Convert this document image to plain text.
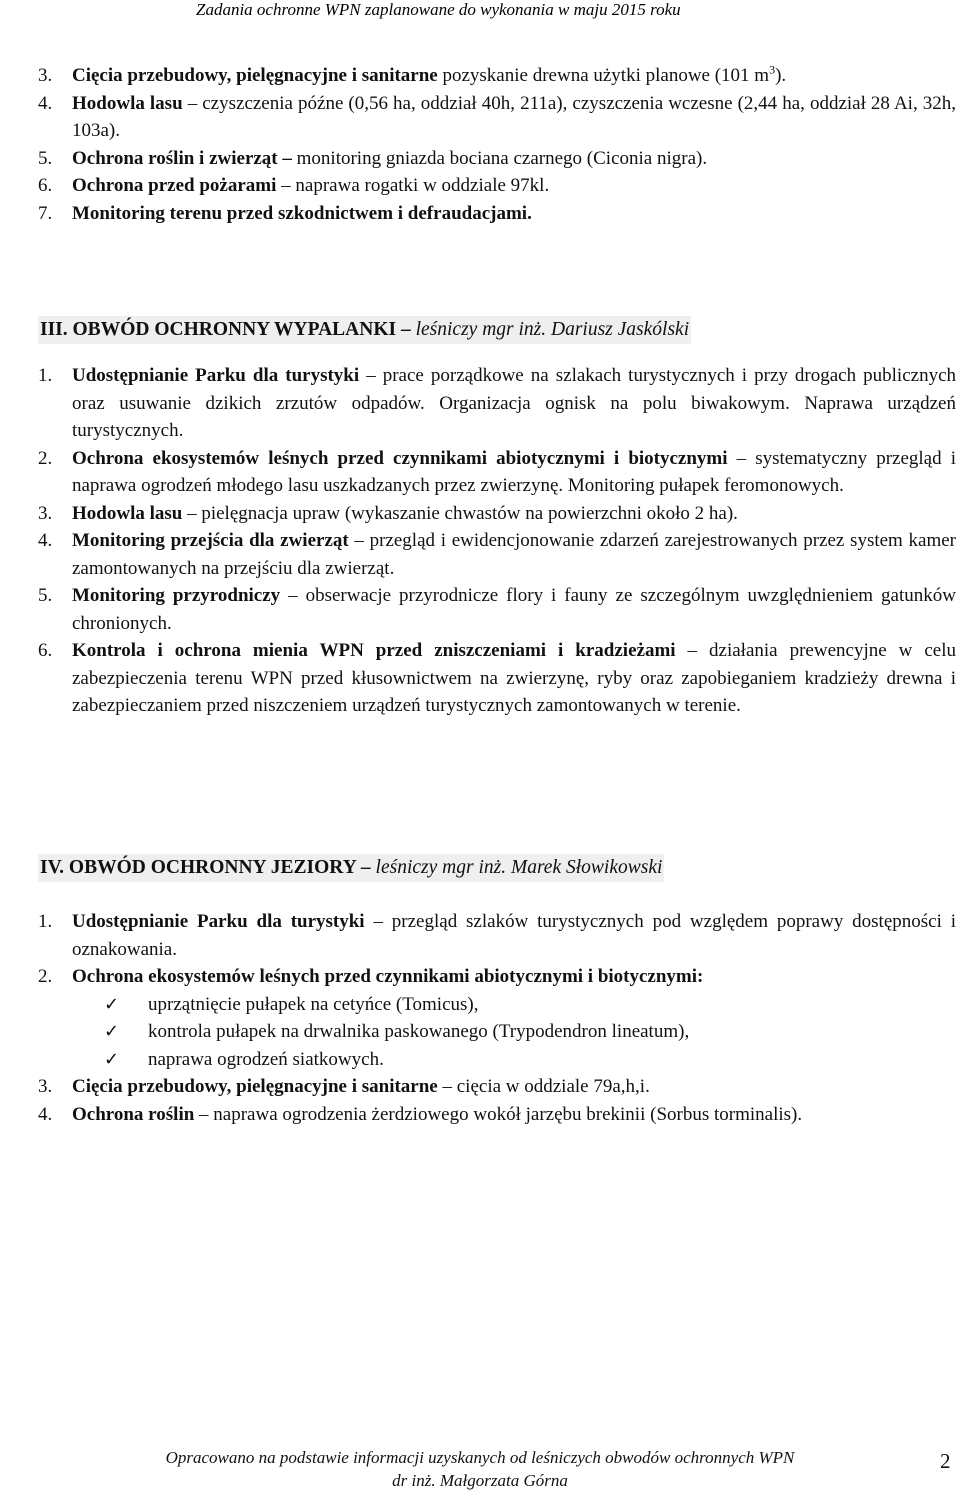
Zadania ochronne WPN zaplanowane do wykonania w maju 2015 roku
3.	Cięcia przebudowy, pielęgnacyjne i sanitarne pozyskanie drewna użytki planowe (101 $m^3$).
4.	Hodowla lasu – czyszczenia późne (0,56 ha, oddział 40h, 211a), czyszczenia wczesne (2,44 ha, oddział 28 Ai, 32h, 103a).
5.	Ochrona roślin i zwierząt – monitoring gniazda bociana czarnego (Ciconia nigra).
6.	Ochrona przed pożarami – naprawa rogatki w oddziale 97kl.
7.	Monitoring terenu przed szkodnictwem i defraudacjami.
III. OBWÓD OCHRONNY WYPALANKI – leśniczy mgr inż. Dariusz Jaskólski
1.	Udostępnianie Parku dla turystyki – prace porządkowe na szlakach turystycznych i przy drogach publicznych oraz usuwanie dzikich zrzutów odpadów. Organizacja ognisk na polu biwakowym. Naprawa urządzeń turystycznych.
2.	Ochrona ekosystemów leśnych przed czynnikami abiotycznymi i biotycznymi – systematyczny przegląd i naprawa ogrodzeń młodego lasu uszkadzanych przez zwierzynę. Monitoring pułapek feromonowych.
3.	Hodowla lasu – pielęgnacja upraw (wykaszanie chwastów na powierzchni około 2 ha).
4.	Monitoring przejścia dla zwierząt – przegląd i ewidencjonowanie zdarzeń zarejestrowanych przez system kamer zamontowanych na przejściu dla zwierząt.
5.	Monitoring przyrodniczy – obserwacje przyrodnicze flory i fauny ze szczególnym uwzględnieniem gatunków chronionych.
6.	Kontrola i ochrona mienia WPN przed zniszczeniami i kradzieżami – działania prewencyjne w celu zabezpieczenia terenu WPN przed kłusownictwem na zwierzynę, ryby oraz zapobieganiem kradzieży drewna i zabezpieczaniem przed niszczeniem urządzeń turystycznych zamontowanych w terenie.
IV. OBWÓD OCHRONNY JEZIORY – leśniczy mgr inż. Marek Słowikowski
1.	Udostępnianie Parku dla turystyki – przegląd szlaków turystycznych pod względem poprawy dostępności i oznakowania.
2.	Ochrona ekosystemów leśnych przed czynnikami abiotycznymi i biotycznymi:
✓	uprzątnięcie pułapek na cetyńce (Tomicus),
✓	kontrola pułapek na drwalnika paskowanego (Trypodendron lineatum),
✓	naprawa ogrodzeń siatkowych.
3.	Cięcia przebudowy, pielęgnacyjne i sanitarne – cięcia w oddziale 79a,h,i.
4.	Ochrona roślin – naprawa ogrodzenia żerdziowego wokół jarzębu brekinii (Sorbus torminalis).
Opracowano na podstawie informacji uzyskanych od leśniczych obwodów ochronnych WPN
dr inż. Małgorzata Górna
2
